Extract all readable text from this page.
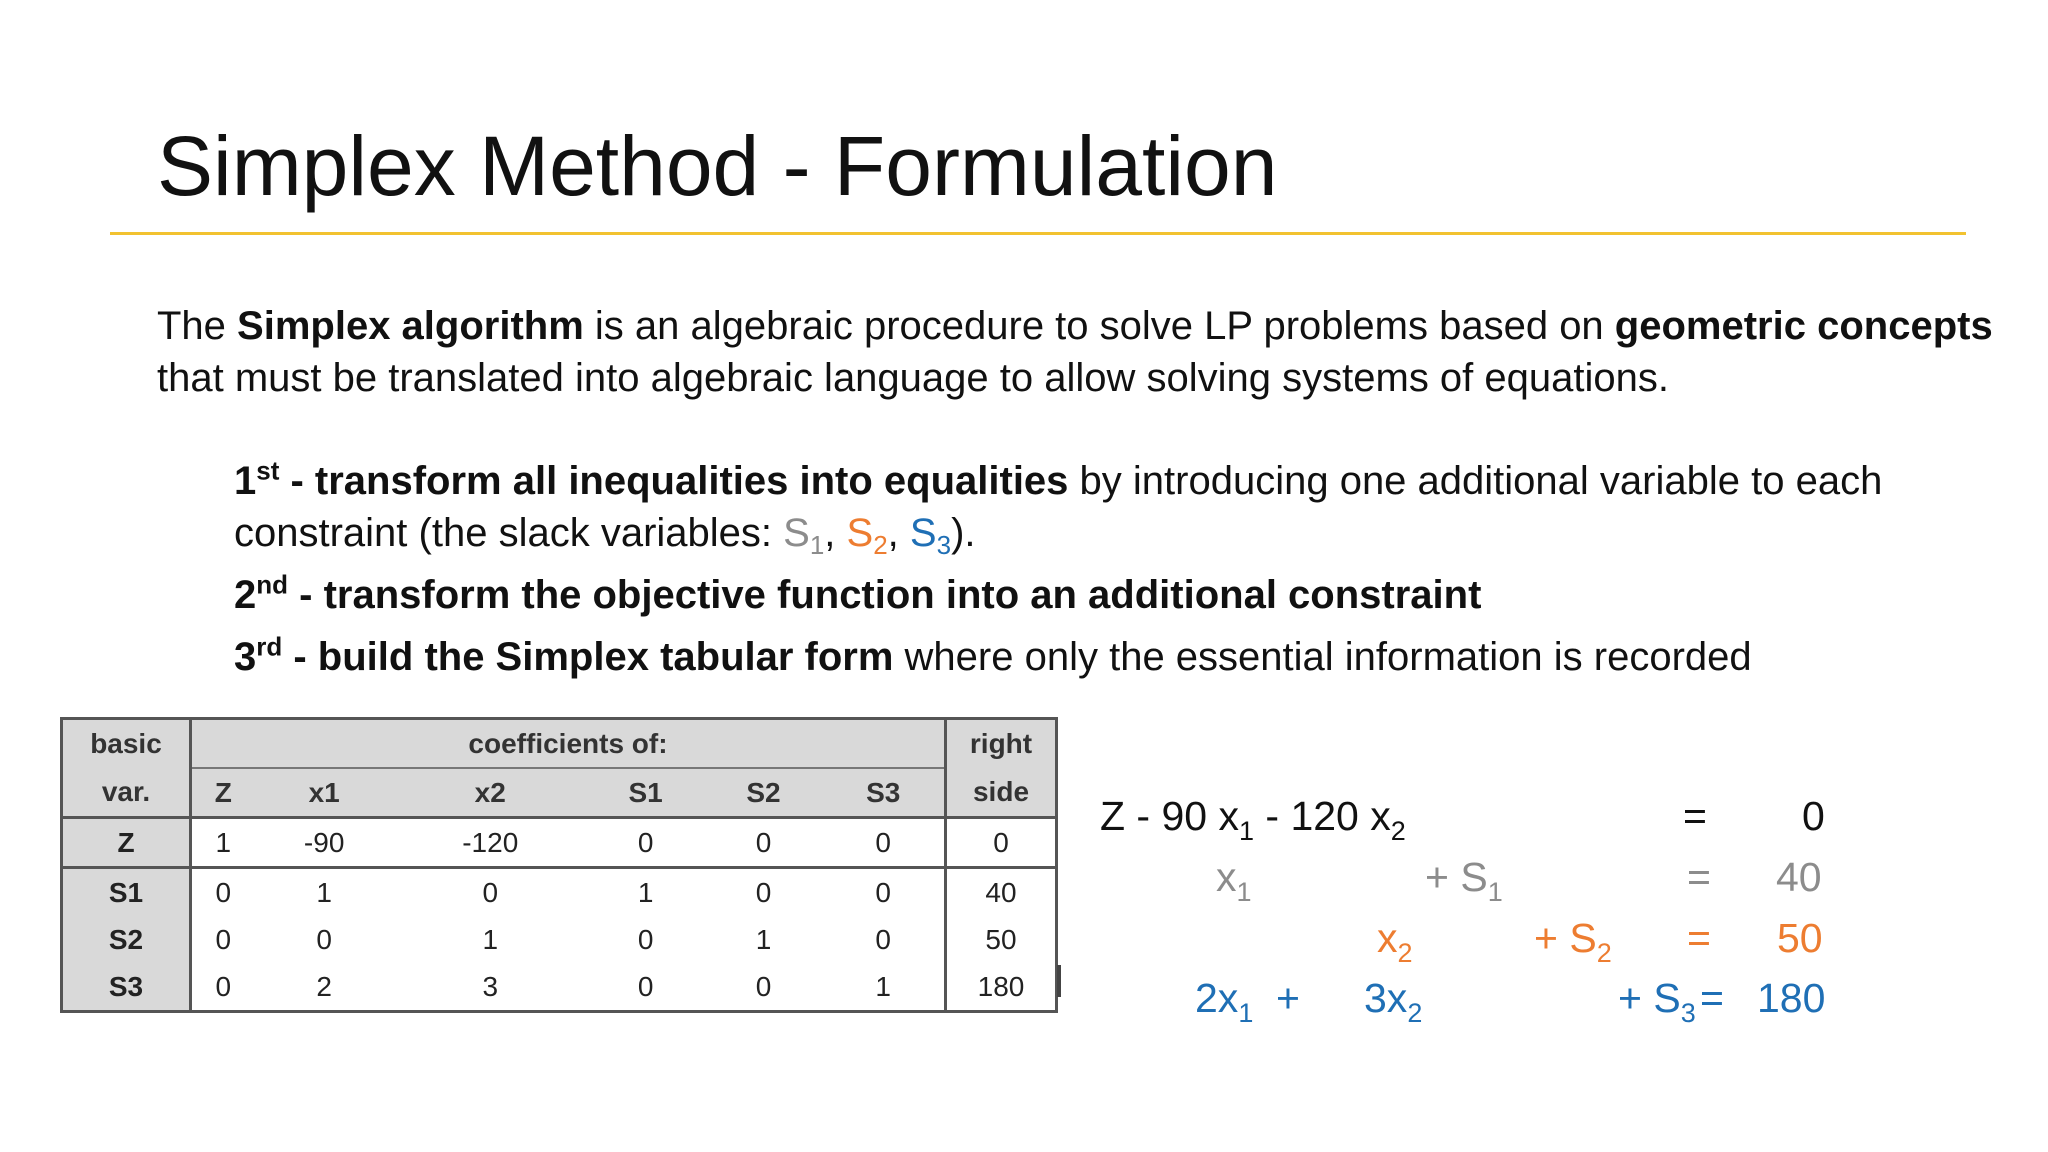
Simplex Method - Formulation
The Simplex algorithm is an algebraic procedure to solve LP problems based on geometric concepts that must be translated into algebraic language to allow solving systems of equations.
1st - transform all inequalities into equalities by introducing one additional variable to each constraint (the slack variables: $S_1$, $S_2$, $S_3$).
2nd - transform the objective function into an additional constraint
3rd - build the Simplex tabular form where only the essential information is recorded
basic	coefficients of:						right
var.	Z	x1	x2	S1	S2	S3	side
Z	1	-90	-120	0	0	0	0
S1	0	1	0	1	0	0	40
S2	0	0	1	0	1	0	50
S3	0	2	3	0	0	1	180
Z - 90 $x_1 - 120$ $x_2$	= 0
$x_1$	+ $S_1$	= 40
$x_2$	+ $S_2 = 50$
$2x_1 + 3x_2$	+ $S_3 = 180$
